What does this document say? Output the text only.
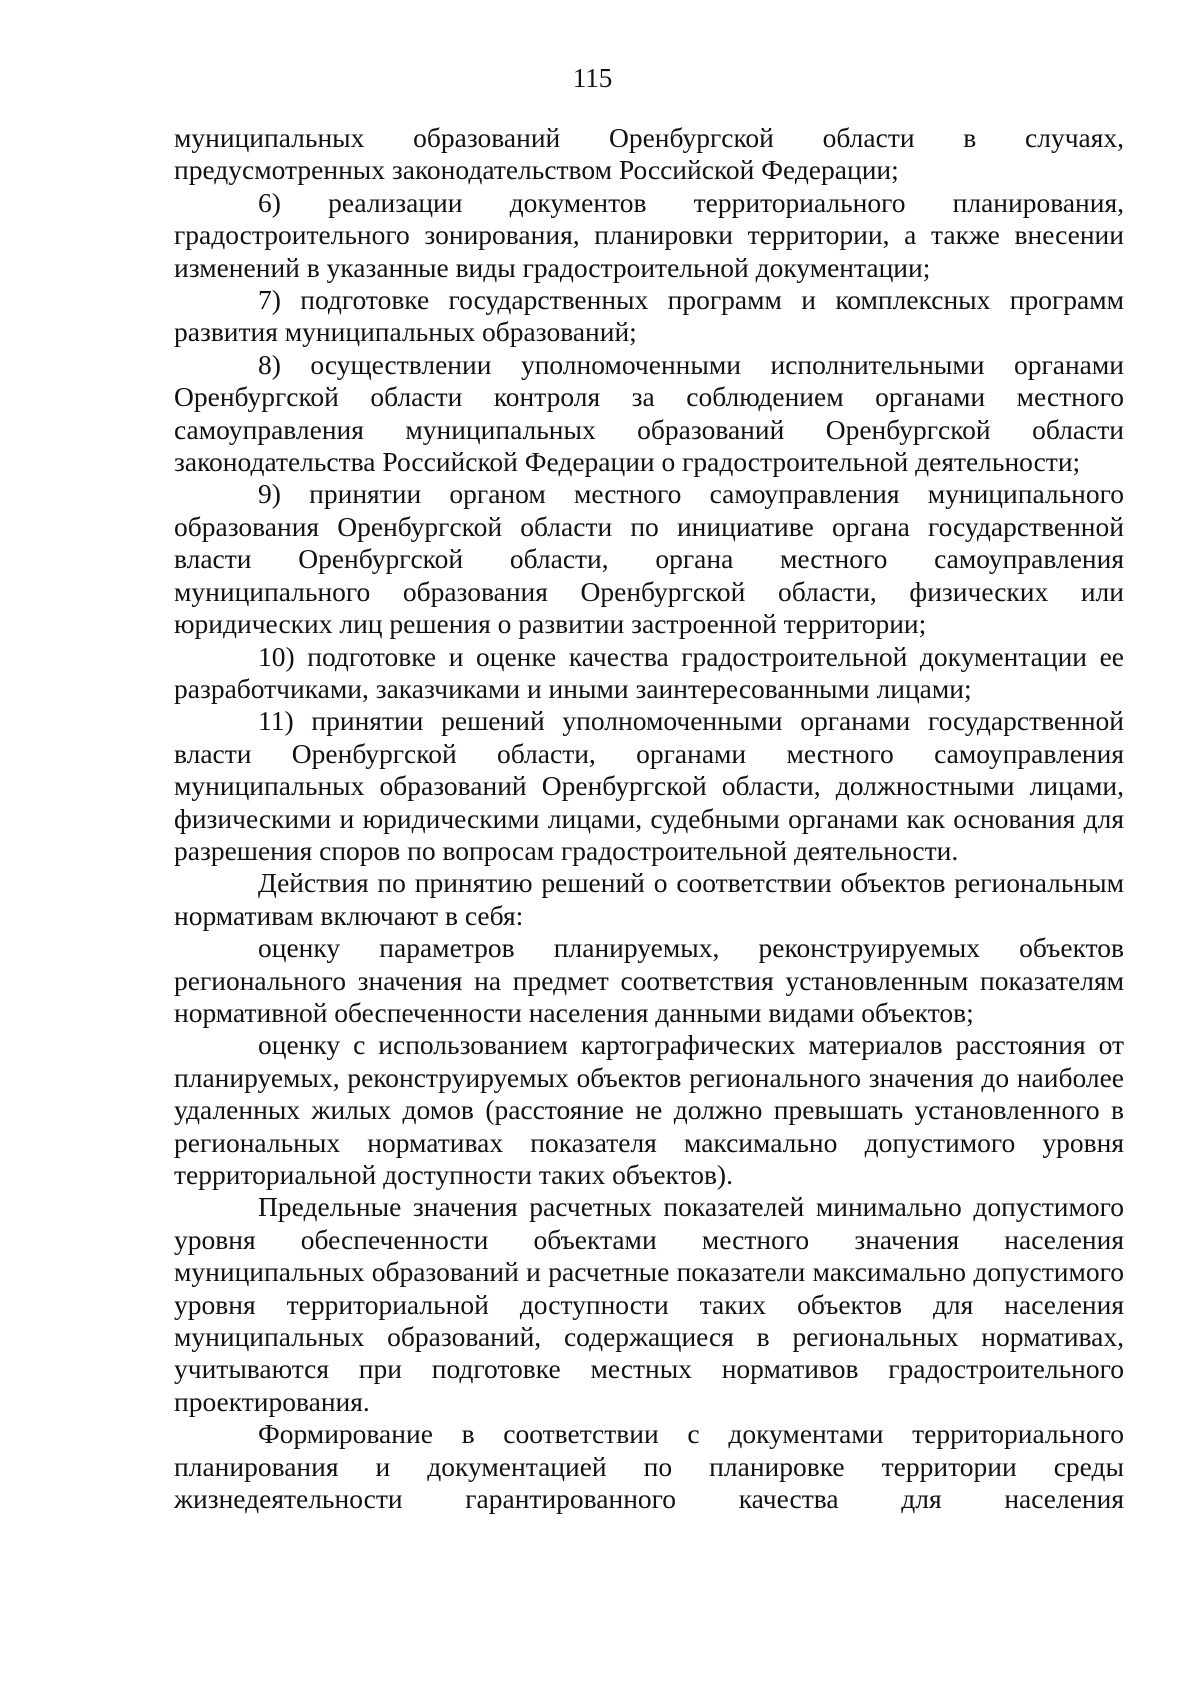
115

муниципальных образований Оренбургской области в случаях, предусмотренных законодательством Российской Федерации;

6) реализации документов территориального планирования, градостроительного зонирования, планировки территории, а также внесении изменений в указанные виды градостроительной документации;

7) подготовке государственных программ и комплексных программ развития муниципальных образований;

8) осуществлении уполномоченными исполнительными органами Оренбургской области контроля за соблюдением органами местного самоуправления муниципальных образований Оренбургской области законодательства Российской Федерации о градостроительной деятельности;

9) принятии органом местного самоуправления муниципального образования Оренбургской области по инициативе органа государственной власти Оренбургской области, органа местного самоуправления муниципального образования Оренбургской области, физических или юридических лиц решения о развитии застроенной территории;

10) подготовке и оценке качества градостроительной документации ее разработчиками, заказчиками и иными заинтересованными лицами;

11) принятии решений уполномоченными органами государственной власти Оренбургской области, органами местного самоуправления муниципальных образований Оренбургской области, должностными лицами, физическими и юридическими лицами, судебными органами как основания для разрешения споров по вопросам градостроительной деятельности.

Действия по принятию решений о соответствии объектов региональным нормативам включают в себя:

оценку параметров планируемых, реконструируемых объектов регионального значения на предмет соответствия установленным показателям нормативной обеспеченности населения данными видами объектов;

оценку с использованием картографических материалов расстояния от планируемых, реконструируемых объектов регионального значения до наиболее удаленных жилых домов (расстояние не должно превышать установленного в региональных нормативах показателя максимально допустимого уровня территориальной доступности таких объектов).

Предельные значения расчетных показателей минимально допустимого уровня обеспеченности объектами местного значения населения муниципальных образований и расчетные показатели максимально допустимого уровня территориальной доступности таких объектов для населения муниципальных образований, содержащиеся в региональных нормативах, учитываются при подготовке местных нормативов градостроительного проектирования.

Формирование в соответствии с документами территориального планирования и документацией по планировке территории среды жизнедеятельности гарантированного качества для населения
